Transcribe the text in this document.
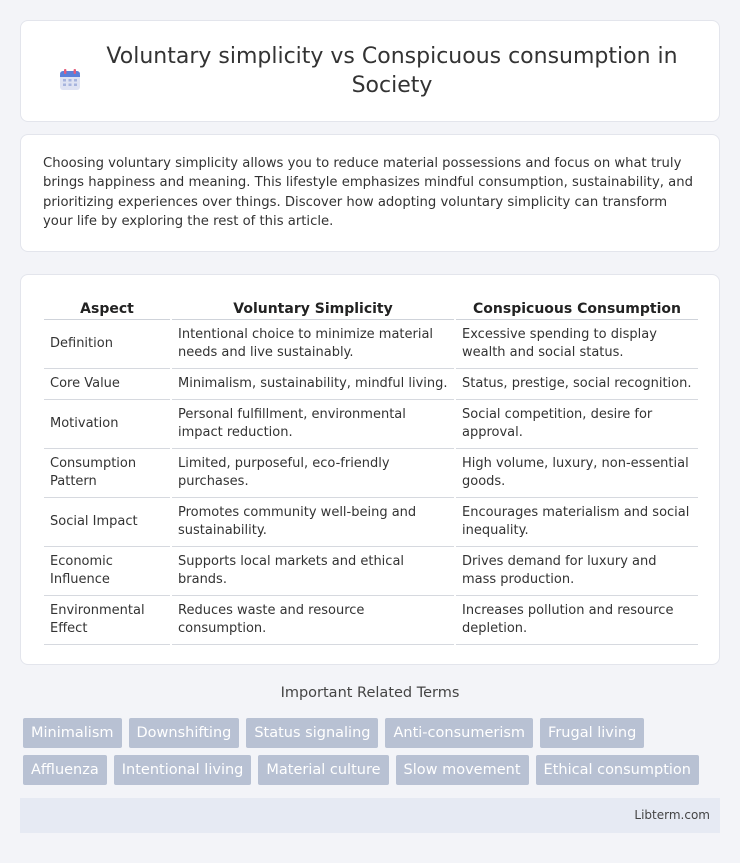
Voluntary simplicity vs Conspicuous consumption in Society

Choosing voluntary simplicity allows you to reduce material possessions and focus on what truly brings happiness and meaning. This lifestyle emphasizes mindful consumption, sustainability, and prioritizing experiences over things. Discover how adopting voluntary simplicity can transform your life by exploring the rest of this article.

Aspect	Voluntary Simplicity	Conspicuous Consumption
Definition	Intentional choice to minimize material needs and live sustainably.	Excessive spending to display wealth and social status.
Core Value	Minimalism, sustainability, mindful living.	Status, prestige, social recognition.
Motivation	Personal fulfillment, environmental impact reduction.	Social competition, desire for approval.
Consumption Pattern	Limited, purposeful, eco-friendly purchases.	High volume, luxury, non-essential goods.
Social Impact	Promotes community well-being and sustainability.	Encourages materialism and social inequality.
Economic Influence	Supports local markets and ethical brands.	Drives demand for luxury and mass production.
Environmental Effect	Reduces waste and resource consumption.	Increases pollution and resource depletion.
Important Related Terms
Minimalism	Downshifting	Status signaling	Anti-consumerism	Frugal living
Affluenza	Intentional living	Material culture	Slow movement	Ethical consumption
Libterm.com
